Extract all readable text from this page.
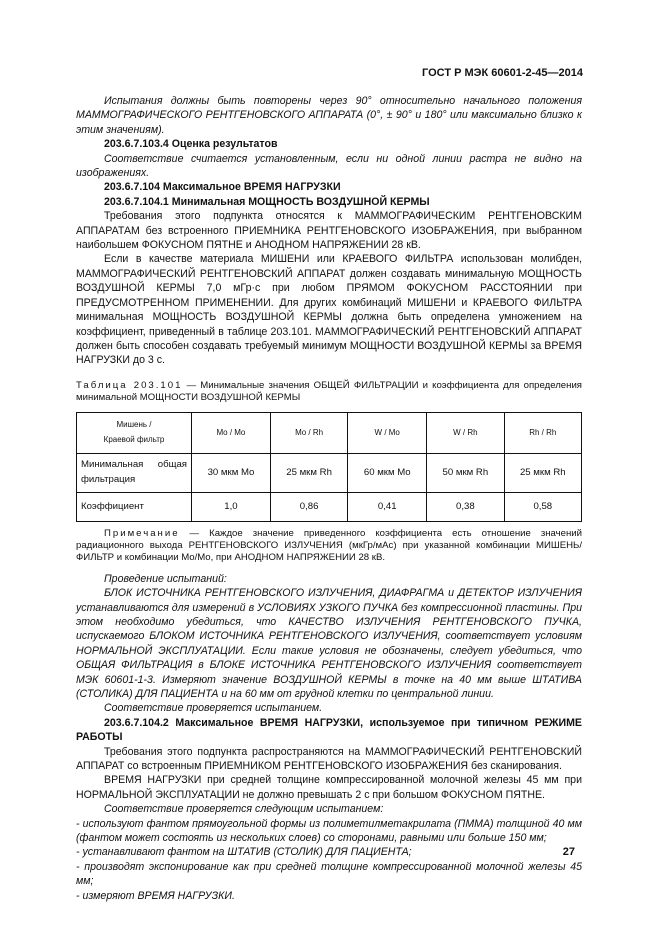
ГОСТ Р МЭК 60601-2-45—2014

Испытания должны быть повторены через 90° относительно начального положения МАММОГРАФИЧЕСКОГО РЕНТГЕНОВСКОГО АППАРАТА (0°, ± 90° и 180° или максимально близко к этим значениям).

203.6.7.103.4 Оценка результатов

Соответствие считается установленным, если ни одной линии растра не видно на изображениях.

203.6.7.104 Максимальное ВРЕМЯ НАГРУЗКИ

203.6.7.104.1 Минимальная МОЩНОСТЬ ВОЗДУШНОЙ КЕРМЫ

Требования этого подпункта относятся к МАММОГРАФИЧЕСКИМ РЕНТГЕНОВСКИМ АППАРАТАМ без встроенного ПРИЕМНИКА РЕНТГЕНОВСКОГО ИЗОБРАЖЕНИЯ, при выбранном наибольшем ФОКУСНОМ ПЯТНЕ и АНОДНОМ НАПРЯЖЕНИИ 28 кВ.

Если в качестве материала МИШЕНИ или КРАЕВОГО ФИЛЬТРА использован молибден, МАММОГРАФИЧЕСКИЙ РЕНТГЕНОВСКИЙ АППАРАТ должен создавать минимальную МОЩНОСТЬ ВОЗДУШНОЙ КЕРМЫ 7,0 мГр·с при любом ПРЯМОМ ФОКУСНОМ РАССТОЯНИИ при ПРЕДУСМОТРЕННОМ ПРИМЕНЕНИИ. Для других комбинаций МИШЕНИ и КРАЕВОГО ФИЛЬТРА минимальная МОЩНОСТЬ ВОЗДУШНОЙ КЕРМЫ должна быть определена умножением на коэффициент, приведенный в таблице 203.101. МАММОГРАФИЧЕСКИЙ РЕНТГЕНОВСКИЙ АППАРАТ должен быть способен создавать требуемый минимум МОЩНОСТИ ВОЗДУШНОЙ КЕРМЫ за ВРЕМЯ НАГРУЗКИ до 3 с.

Таблица 203.101 — Минимальные значения ОБЩЕЙ ФИЛЬТРАЦИИ и коэффициента для определения минимальной МОЩНОСТИ ВОЗДУШНОЙ КЕРМЫ

Мишень /
Краевой фильтр	Mo / Mo	Mo / Rh	W / Mo	W / Rh	Rh / Rh
Минимальная общая фильтрация	30 мкм Mo	25 мкм Rh	60 мкм Mo	50 мкм Rh	25 мкм Rh
Коэффициент	1,0	0,86	0,41	0,38	0,58

Примечание — Каждое значение приведенного коэффициента есть отношение значений радиационного выхода РЕНТГЕНОВСКОГО ИЗЛУЧЕНИЯ (мкГр/мАс) при указанной комбинации МИШЕНЬ/ФИЛЬТР и комбинации Mo/Mo, при АНОДНОМ НАПРЯЖЕНИИ 28 кВ.

Проведение испытаний:

БЛОК ИСТОЧНИКА РЕНТГЕНОВСКОГО ИЗЛУЧЕНИЯ, ДИАФРАГМА и ДЕТЕКТОР ИЗЛУЧЕНИЯ устанавливаются для измерений в УСЛОВИЯХ УЗКОГО ПУЧКА без компрессионной пластины. При этом необходимо убедиться, что КАЧЕСТВО ИЗЛУЧЕНИЯ РЕНТГЕНОВСКОГО ПУЧКА, испускаемого БЛОКОМ ИСТОЧНИКА РЕНТГЕНОВСКОГО ИЗЛУЧЕНИЯ, соответствует условиям НОРМАЛЬНОЙ ЭКСПЛУАТАЦИИ. Если такие условия не обозначены, следует убедиться, что ОБЩАЯ ФИЛЬТРАЦИЯ в БЛОКЕ ИСТОЧНИКА РЕНТГЕНОВСКОГО ИЗЛУЧЕНИЯ соответствует МЭК 60601-1-3. Измеряют значение ВОЗДУШНОЙ КЕРМЫ в точке на 40 мм выше ШТАТИВА (СТОЛИКА) ДЛЯ ПАЦИЕНТА и на 60 мм от грудной клетки по центральной линии.

Соответствие проверяется испытанием.

203.6.7.104.2 Максимальное ВРЕМЯ НАГРУЗКИ, используемое при типичном РЕЖИМЕ РАБОТЫ

Требования этого подпункта распространяются на МАММОГРАФИЧЕСКИЙ РЕНТГЕНОВСКИЙ АППАРАТ со встроенным ПРИЕМНИКОМ РЕНТГЕНОВСКОГО ИЗОБРАЖЕНИЯ без сканирования.

ВРЕМЯ НАГРУЗКИ при средней толщине компрессированной молочной железы 45 мм при НОРМАЛЬНОЙ ЭКСПЛУАТАЦИИ не должно превышать 2 с при большом ФОКУСНОМ ПЯТНЕ.

Соответствие проверяется следующим испытанием:

- используют фантом прямоугольной формы из полиметилметакрилата (ПММА) толщиной 40 мм (фантом может состоять из нескольких слоев) со сторонами, равными или больше 150 мм;

- устанавливают фантом на ШТАТИВ (СТОЛИК) ДЛЯ ПАЦИЕНТА;

- производят экспонирование как при средней толщине компрессированной молочной железы 45 мм;

- измеряют ВРЕМЯ НАГРУЗКИ.

27
